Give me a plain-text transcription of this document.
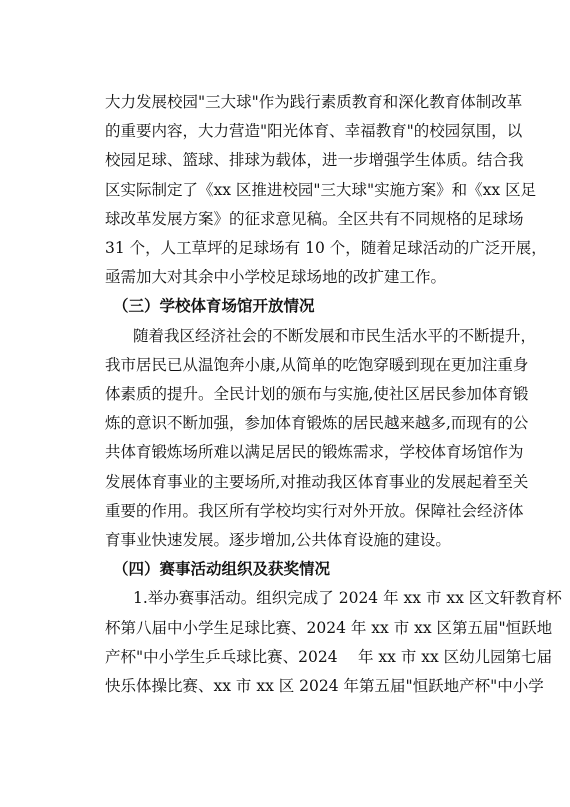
大力发展校园"三大球"作为践行素质教育和深化教育体制改革
的重要内容，大力营造"阳光体育、幸福教育"的校园氛围，以
校园足球、篮球、排球为载体，进一步增强学生体质。结合我
区实际制定了《xx 区推进校园"三大球"实施方案》和《xx 区足
球改革发展方案》的征求意见稿。全区共有不同规格的足球场
31 个，人工草坪的足球场有 10 个，随着足球活动的广泛开展，
亟需加大对其余中小学校足球场地的改扩建工作。
（三）学校体育场馆开放情况
随着我区经济社会的不断发展和市民生活水平的不断提升，
我市居民已从温饱奔小康,从简单的吃饱穿暖到现在更加注重身
体素质的提升。全民计划的颁布与实施,使社区居民参加体育锻
炼的意识不断加强，参加体育锻炼的居民越来越多,而现有的公
共体育锻炼场所难以满足居民的锻炼需求，学校体育场馆作为
发展体育事业的主要场所,对推动我区体育事业的发展起着至关
重要的作用。我区所有学校均实行对外开放。保障社会经济体
育事业快速发展。逐步增加,公共体育设施的建设。
（四）赛事活动组织及获奖情况
1.举办赛事活动。组织完成了 2024 年 xx 市 xx 区文轩教育杯
杯第八届中小学生足球比赛、2024 年 xx 市 xx 区第五届"恒跃地
产杯"中小学生乒乓球比赛、2024　 年 xx 市 xx 区幼儿园第七届
快乐体操比赛、xx 市 xx 区 2024 年第五届"恒跃地产杯"中小学
